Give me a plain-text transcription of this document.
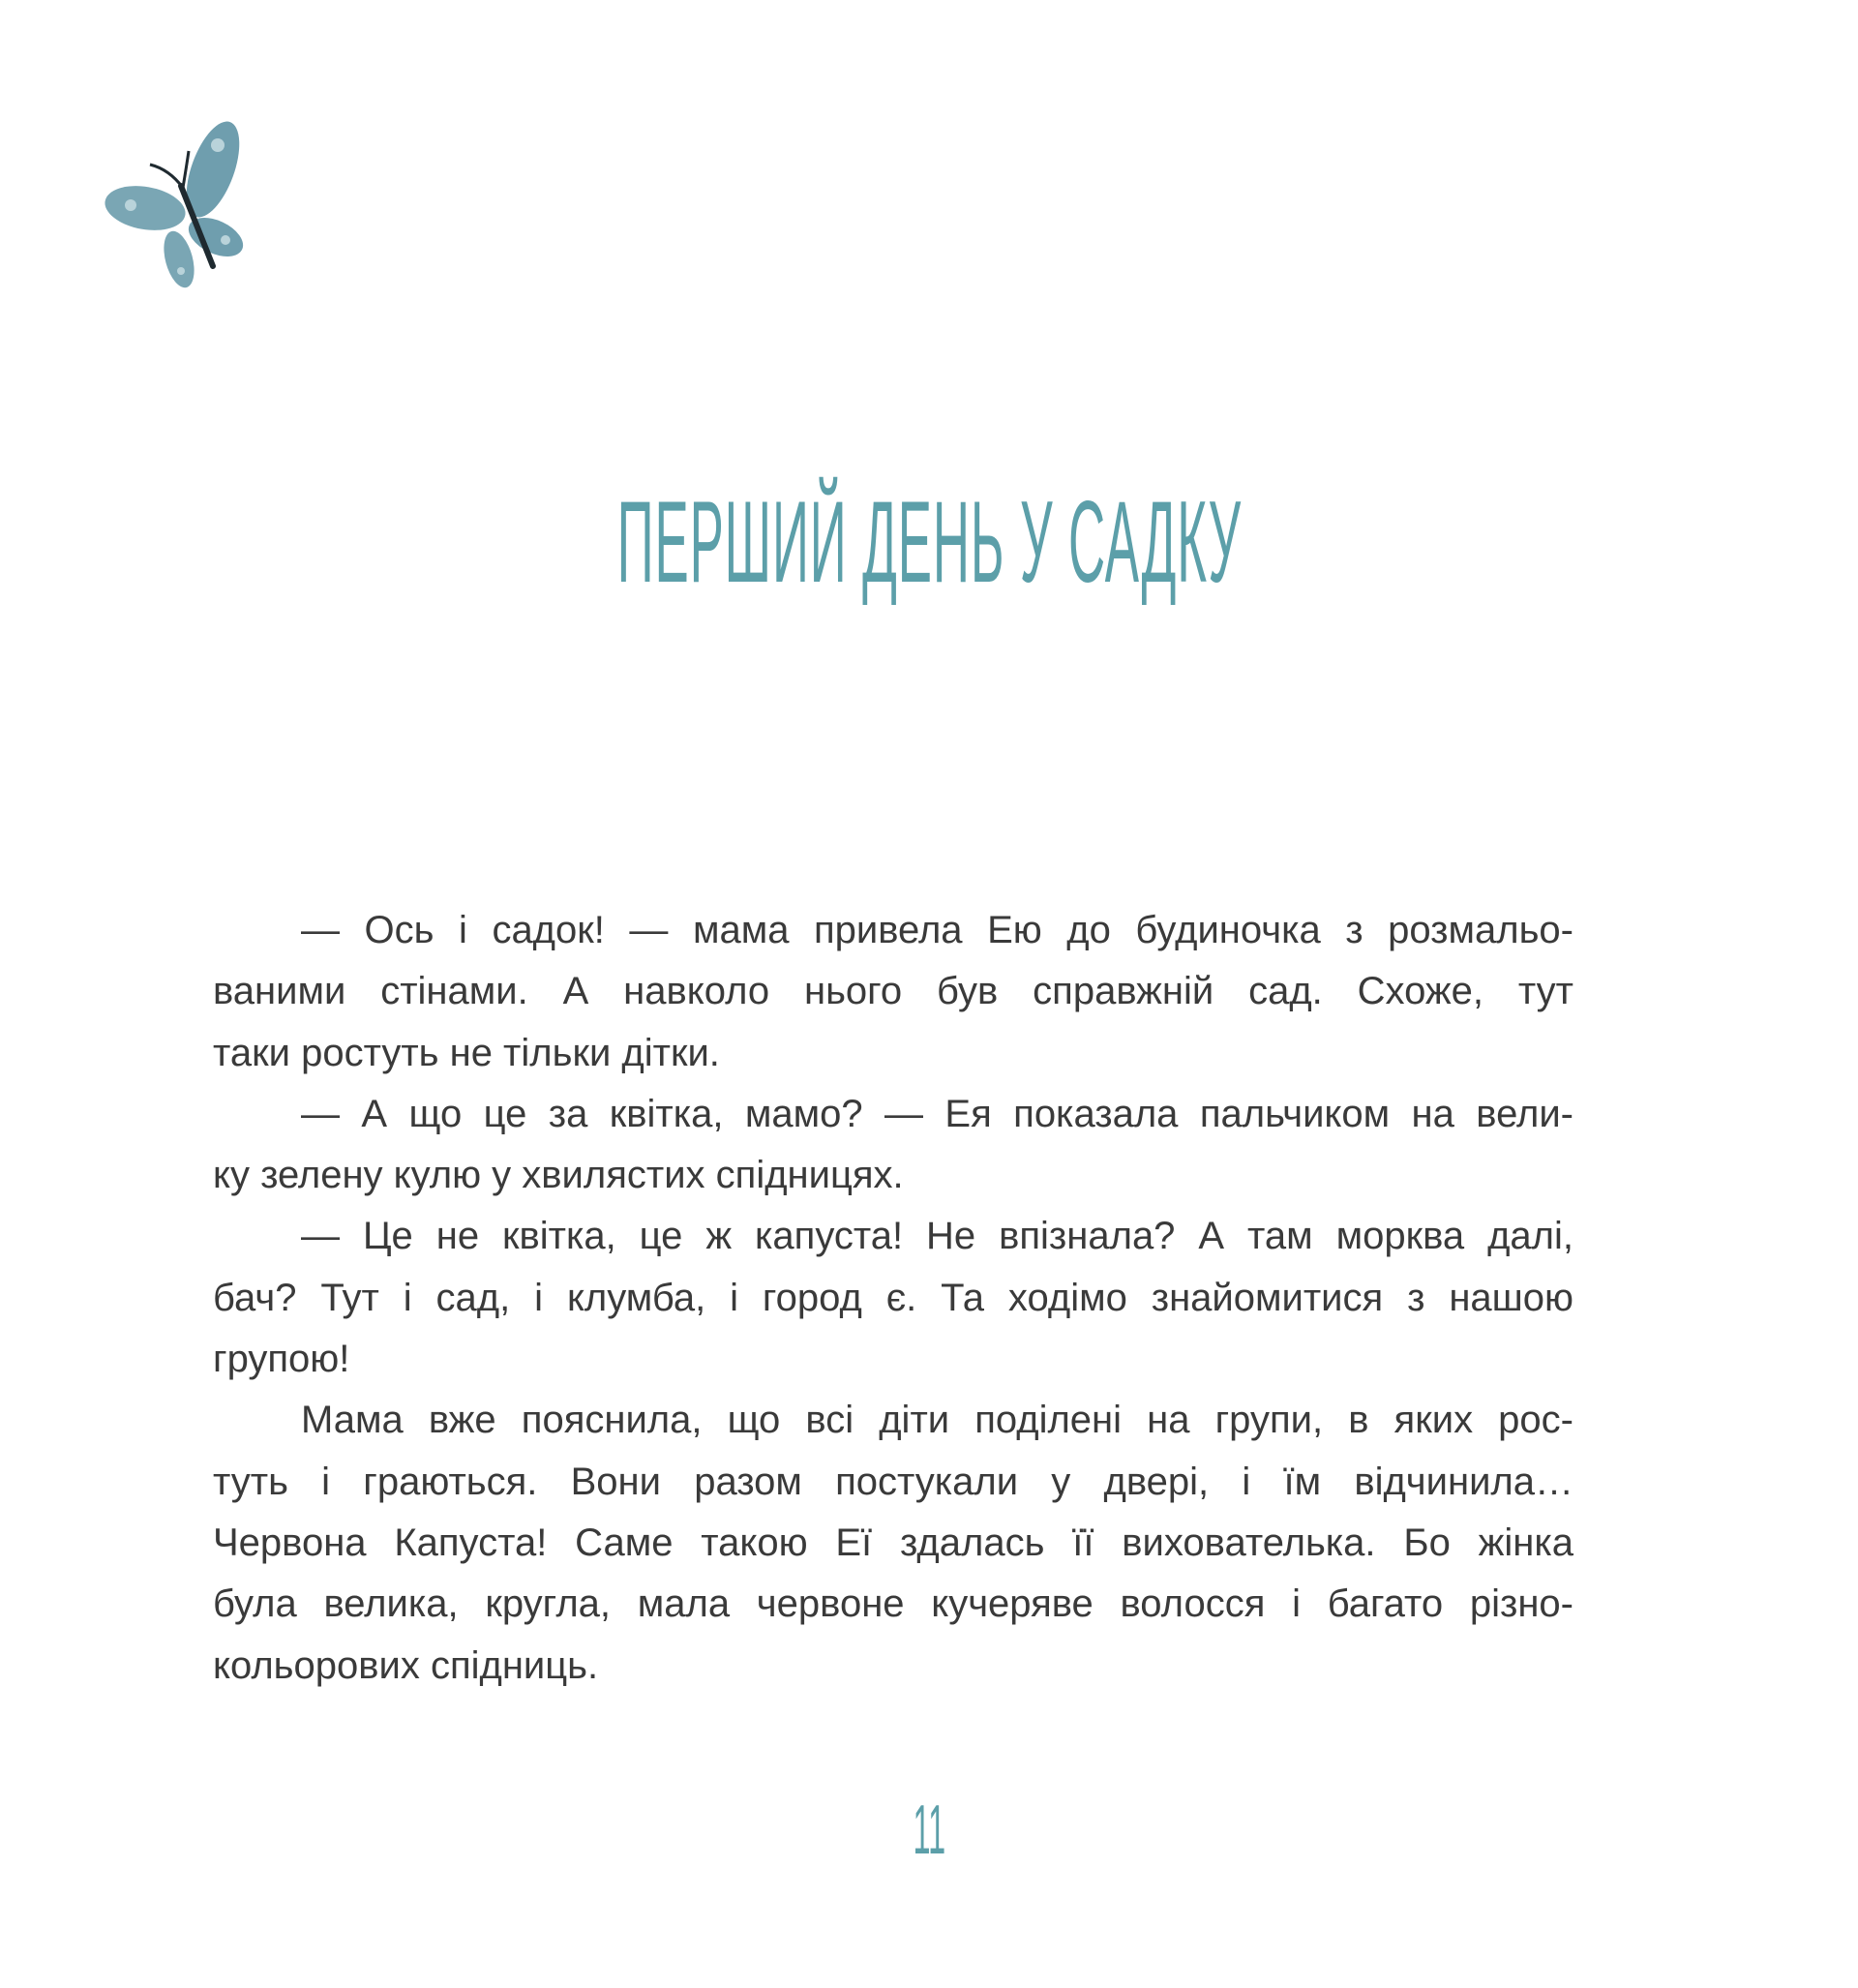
ПЕРШИЙ ДЕНЬ У САДКУ
— Ось і садок! — мама привела Ею до будиночка з розмальо-
ваними стінами. А навколо нього був справжній сад. Схоже, тут
таки ростуть не тільки дітки.
— А що це за квітка, мамо? — Ея показала пальчиком на вели-
ку зелену кулю у хвилястих спідницях.
— Це не квітка, це ж капуста! Не впізнала? А там морква далі,
бач? Тут і сад, і клумба, і город є. Та ходімо знайомитися з нашою
групою!
Мама вже пояснила, що всі діти поділені на групи, в яких рос-
туть і граються. Вони разом постукали у двері, і їм відчинила…
Червона Капуста! Саме такою Еї здалась її вихователька. Бо жінка
була велика, кругла, мала червоне кучеряве волосся і багато різно-
кольорових спідниць.
11
